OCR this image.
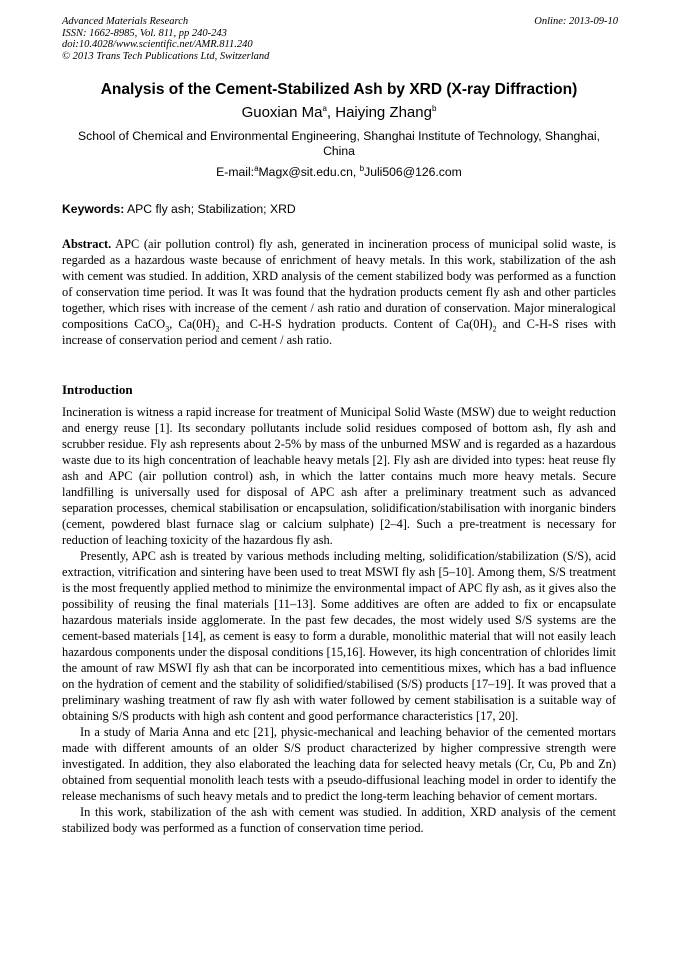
Advanced Materials Research
ISSN: 1662-8985, Vol. 811, pp 240-243
doi:10.4028/www.scientific.net/AMR.811.240
© 2013 Trans Tech Publications Ltd, Switzerland
Online: 2013-09-10
Analysis of the Cement-Stabilized Ash by XRD (X-ray Diffraction)
Guoxian Ma$^a$, Haiying Zhang$^b$
School of Chemical and Environmental Engineering, Shanghai Institute of Technology, Shanghai, China
E-mail:$^a$Magx@sit.edu.cn, $^b$Juli506@126.com
Keywords: APC fly ash; Stabilization; XRD

Abstract. APC (air pollution control) fly ash, generated in incineration process of municipal solid waste, is regarded as a hazardous waste because of enrichment of heavy metals. In this work, stabilization of the ash with cement was studied. In addition, XRD analysis of the cement stabilized body was performed as a function of conservation time period. It was It was found that the hydration products cement fly ash and other particles together, which rises with increase of the cement / ash ratio and duration of conservation. Major mineralogical compositions CaCO$_3$, $Ca(0H)_2$ and C-H-S hydration products. Content of $Ca(0H)_2$ and C-H-S rises with increase of conservation period and cement / ash ratio.

Introduction

Incineration is witness a rapid increase for treatment of Municipal Solid Waste (MSW) due to weight reduction and energy reuse [1]. Its secondary pollutants include solid residues composed of bottom ash, fly ash and scrubber residue. Fly ash represents about 2-5% by mass of the unburned MSW and is regarded as a hazardous waste due to its high concentration of leachable heavy metals [2]. Fly ash are divided into types: heat reuse fly ash and APC (air pollution control) ash, in which the latter contains much more heavy metals. Secure landfilling is universally used for disposal of APC ash after a preliminary treatment such as advanced separation processes, chemical stabilisation or encapsulation, solidification/stabilisation with inorganic binders (cement, powdered blast furnace slag or calcium sulphate) [2–4]. Such a pre-treatment is necessary for reduction of leaching toxicity of the hazardous fly ash.

Presently, APC ash is treated by various methods including melting, solidification/stabilization (S/S), acid extraction, vitrification and sintering have been used to treat MSWI fly ash [5–10]. Among them, S/S treatment is the most frequently applied method to minimize the environmental impact of APC fly ash, as it gives also the possibility of reusing the final materials [11–13]. Some additives are often are added to fix or encapsulate hazardous materials inside agglomerate. In the past few decades, the most widely used S/S systems are the cement-based materials [14], as cement is easy to form a durable, monolithic material that will not easily leach hazardous components under the disposal conditions [15,16]. However, its high concentration of chlorides limit the amount of raw MSWI fly ash that can be incorporated into cementitious mixes, which has a bad influence on the hydration of cement and the stability of solidified/stabilised (S/S) products [17–19]. It was proved that a preliminary washing treatment of raw fly ash with water followed by cement stabilisation is a suitable way of obtaining S/S products with high ash content and good performance characteristics [17, 20].

In a study of Maria Anna and etc [21], physic-mechanical and leaching behavior of the cemented mortars made with different amounts of an older S/S product characterized by higher compressive strength were investigated. In addition, they also elaborated the leaching data for selected heavy metals (Cr, Cu, Pb and Zn) obtained from sequential monolith leach tests with a pseudo-diffusional leaching model in order to identify the release mechanisms of such heavy metals and to predict the long-term leaching behavior of cement mortars.

In this work, stabilization of the ash with cement was studied. In addition, XRD analysis of the cement stabilized body was performed as a function of conservation time period.
